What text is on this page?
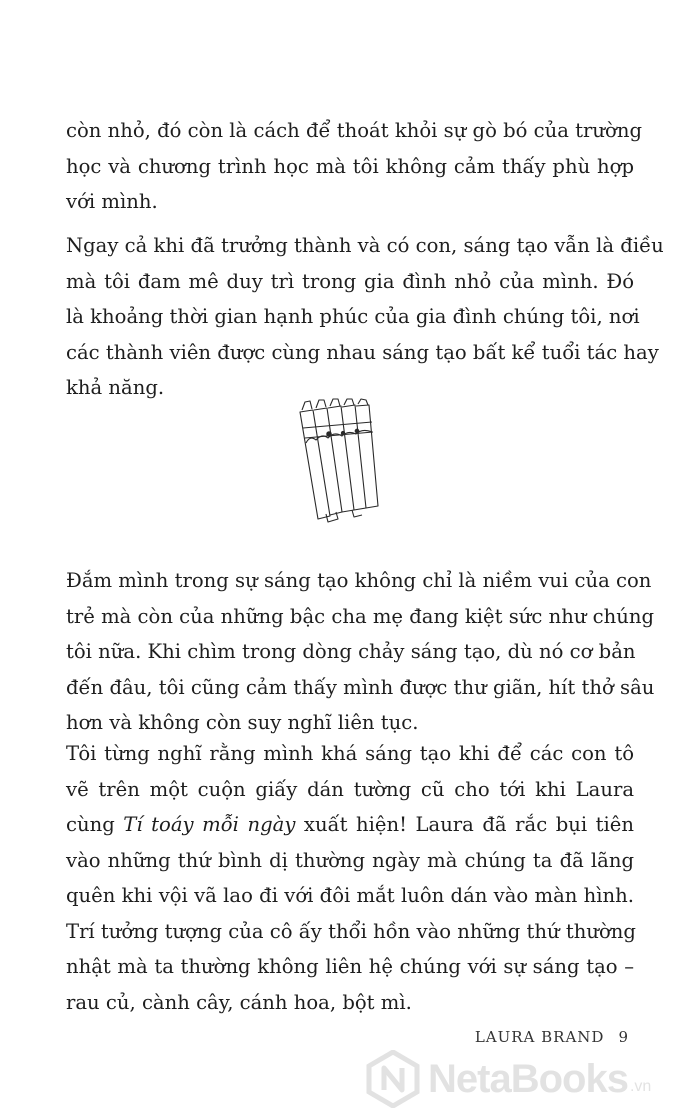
còn nhỏ, đó còn là cách để thoát khỏi sự gò bó của trường
học và chương trình học mà tôi không cảm thấy phù hợp
với mình.

Ngay cả khi đã trưởng thành và có con, sáng tạo vẫn là điều
mà tôi đam mê duy trì trong gia đình nhỏ của mình. Đó
là khoảng thời gian hạnh phúc của gia đình chúng tôi, nơi
các thành viên được cùng nhau sáng tạo bất kể tuổi tác hay
khả năng.

Đắm mình trong sự sáng tạo không chỉ là niềm vui của con
trẻ mà còn của những bậc cha mẹ đang kiệt sức như chúng
tôi nữa. Khi chìm trong dòng chảy sáng tạo, dù nó cơ bản
đến đâu, tôi cũng cảm thấy mình được thư giãn, hít thở sâu
hơn và không còn suy nghĩ liên tục.

Tôi từng nghĩ rằng mình khá sáng tạo khi để các con tô
vẽ trên một cuộn giấy dán tường cũ cho tới khi Laura
cùng Tí toáy mỗi ngày xuất hiện! Laura đã rắc bụi tiên
vào những thứ bình dị thường ngày mà chúng ta đã lãng
quên khi vội vã lao đi với đôi mắt luôn dán vào màn hình.
Trí tưởng tượng của cô ấy thổi hồn vào những thứ thường
nhật mà ta thường không liên hệ chúng với sự sáng tạo –
rau củ, cành cây, cánh hoa, bột mì.

LAURA BRAND 9
NetaBooks .vn
